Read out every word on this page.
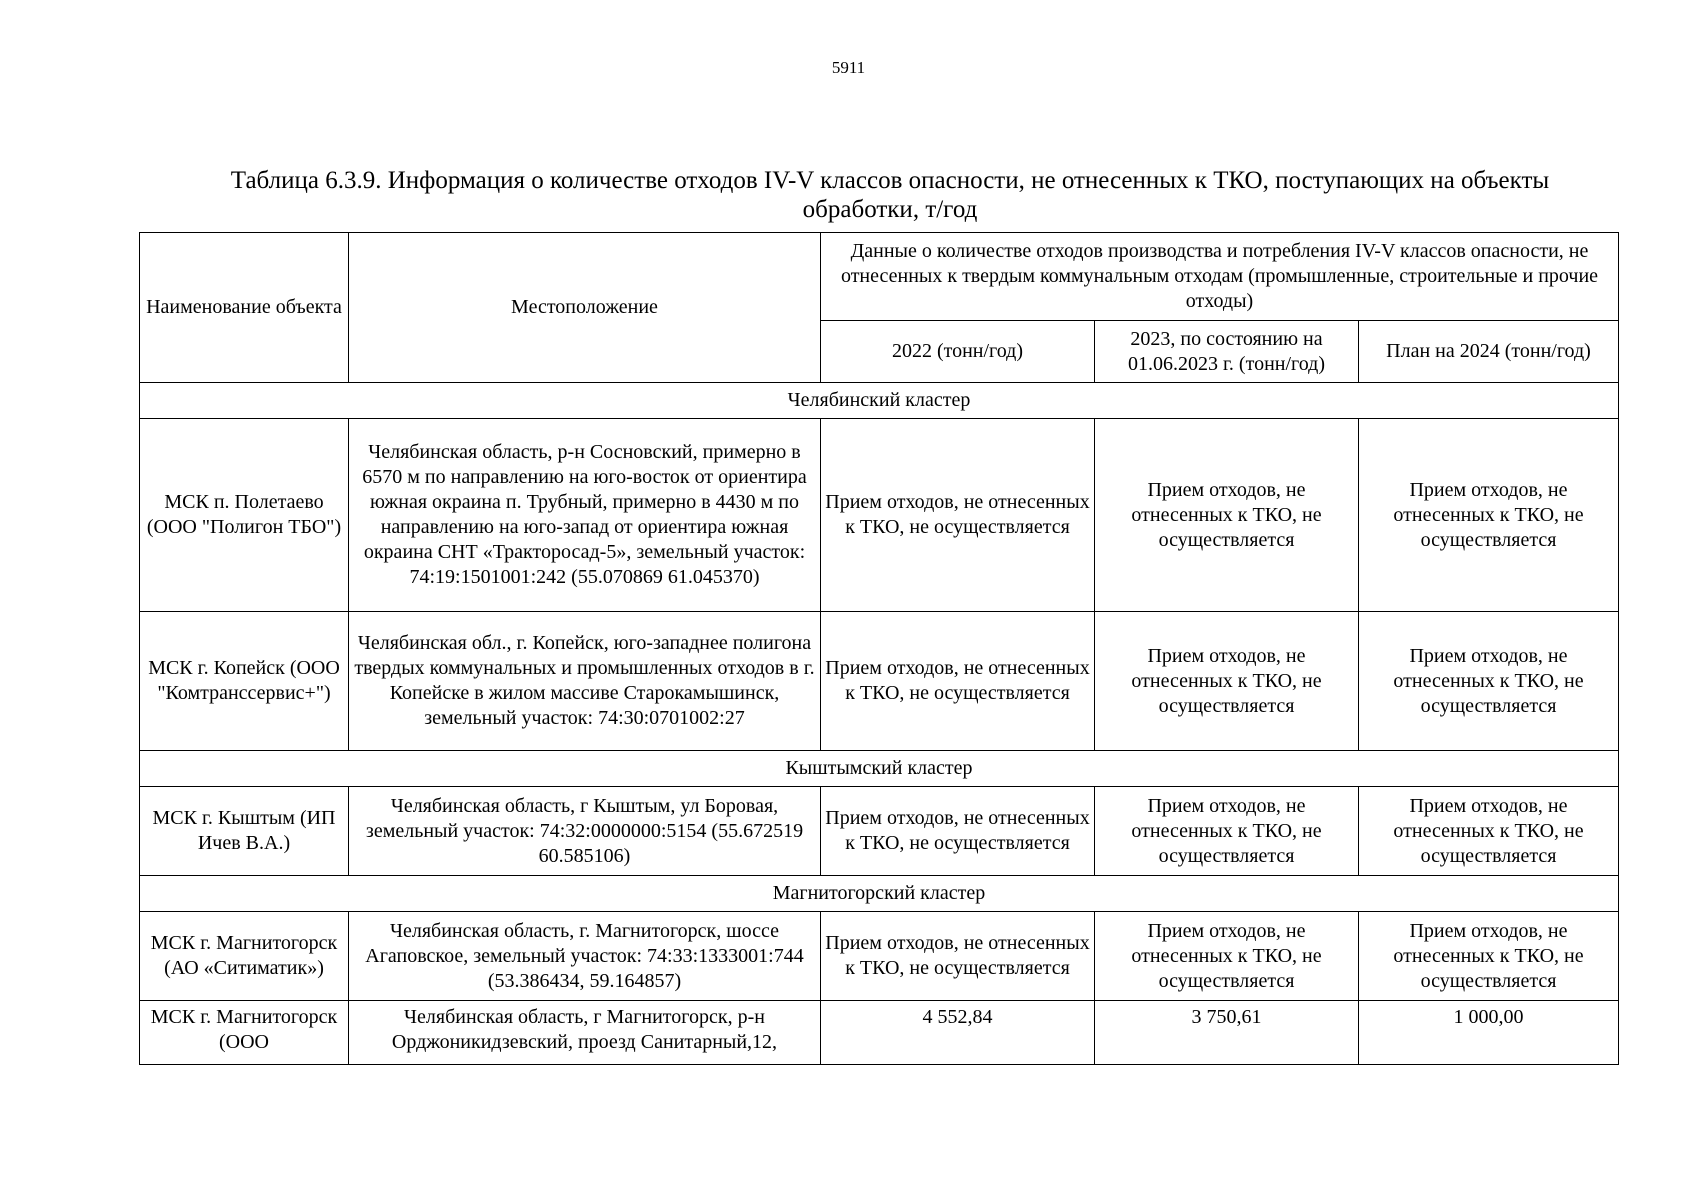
5911
Таблица 6.3.9. Информация о количестве отходов IV-V классов опасности, не отнесенных к ТКО, поступающих на объекты обработки, т/год
Наименование объекта	Местоположение	Данные о количестве отходов производства и потребления IV-V классов опасности, не отнесенных к твердым коммунальным отходам (промышленные, строительные и прочие отходы)		
		2022 (тонн/год)	2023, по состоянию на 01.06.2023 г. (тонн/год)	План на 2024 (тонн/год)
Челябинский кластер				
МСК п. Полетаево (ООО "Полигон ТБО")	Челябинская область, р-н Сосновский, примерно в 6570 м по направлению на юго-восток от ориентира южная окраина п. Трубный, примерно в 4430 м по направлению на юго-запад от ориентира южная окраина СНТ «Тракторосад-5», земельный участок: 74:19:1501001:242 (55.070869 61.045370)	Прием отходов, не отнесенных к ТКО, не осуществляется	Прием отходов, не отнесенных к ТКО, не осуществляется	Прием отходов, не отнесенных к ТКО, не осуществляется
МСК г. Копейск (ООО "Комтранссервис+")	Челябинская обл., г. Копейск, юго-западнее полигона твердых коммунальных и промышленных отходов в г. Копейске в жилом массиве Старокамышинск, земельный участок: 74:30:0701002:27	Прием отходов, не отнесенных к ТКО, не осуществляется	Прием отходов, не отнесенных к ТКО, не осуществляется	Прием отходов, не отнесенных к ТКО, не осуществляется
Кыштымский кластер				
МСК г. Кыштым (ИП Ичев В.А.)	Челябинская область, г Кыштым, ул Боровая, земельный участок: 74:32:0000000:5154 (55.672519 60.585106)	Прием отходов, не отнесенных к ТКО, не осуществляется	Прием отходов, не отнесенных к ТКО, не осуществляется	Прием отходов, не отнесенных к ТКО, не осуществляется
Магнитогорский кластер				
МСК г. Магнитогорск (АО «Ситиматик»)	Челябинская область, г. Магнитогорск, шоссе Агаповское, земельный участок: 74:33:1333001:744 (53.386434, 59.164857)	Прием отходов, не отнесенных к ТКО, не осуществляется	Прием отходов, не отнесенных к ТКО, не осуществляется	Прием отходов, не отнесенных к ТКО, не осуществляется
МСК г. Магнитогорск (ООО	Челябинская область, г Магнитогорск, р-н Орджоникидзевский, проезд Санитарный,12,	4 552,84	3 750,61	1 000,00
